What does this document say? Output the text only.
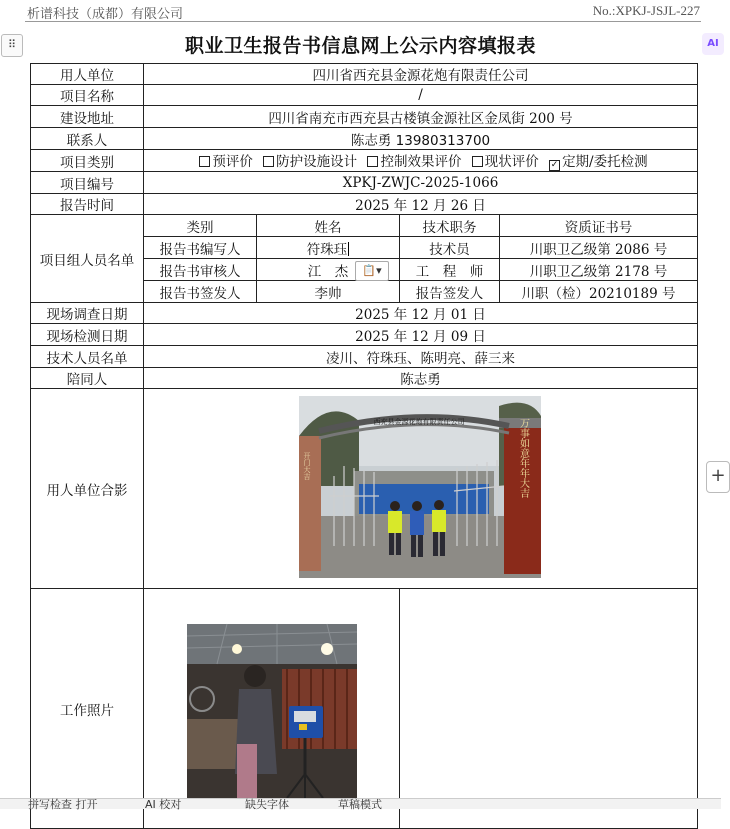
析谱科技（成都）有限公司	No.:XPKJ-JSJL-227
⠿	AI
职业卫生报告书信息网上公示内容填报表
用人单位	四川省西充县金源花炮有限责任公司			
项目名称	/			
建设地址	四川省南充市西充县古楼镇金源社区金凤街 200 号			
联系人	陈志勇 13980313700			
项目类别	预评价 防护设施设计 控制效果评价 现状评价 ✓ 定期/委托检测			
项目编号	XPKJ-ZWJC-2025-1066			
报告时间	2025 年 12 月 26 日			
项目组人员名单	类别	姓名	技术职务	资质证书号
	报告书编写人	符珠珏	技术员	川职卫乙级第 2086 号
	报告书审核人	江　杰	工　程　师	川职卫乙级第 2178 号
	报告书签发人	李帅	报告签发人	川职（检）20210189 号
现场调查日期	2025 年 12 月 01 日			
现场检测日期	2025 年 12 月 09 日			
技术人员名单	凌川、符珠珏、陈明亮、薛三来			
陪同人	陈志勇			
用人单位合影				
工作照片				
📋▾
+
西充县金源花炮有限责任公司	万事如意年年大吉
开门大吉
拼写检查 打开	AI 校对	缺失字体	草稿模式
